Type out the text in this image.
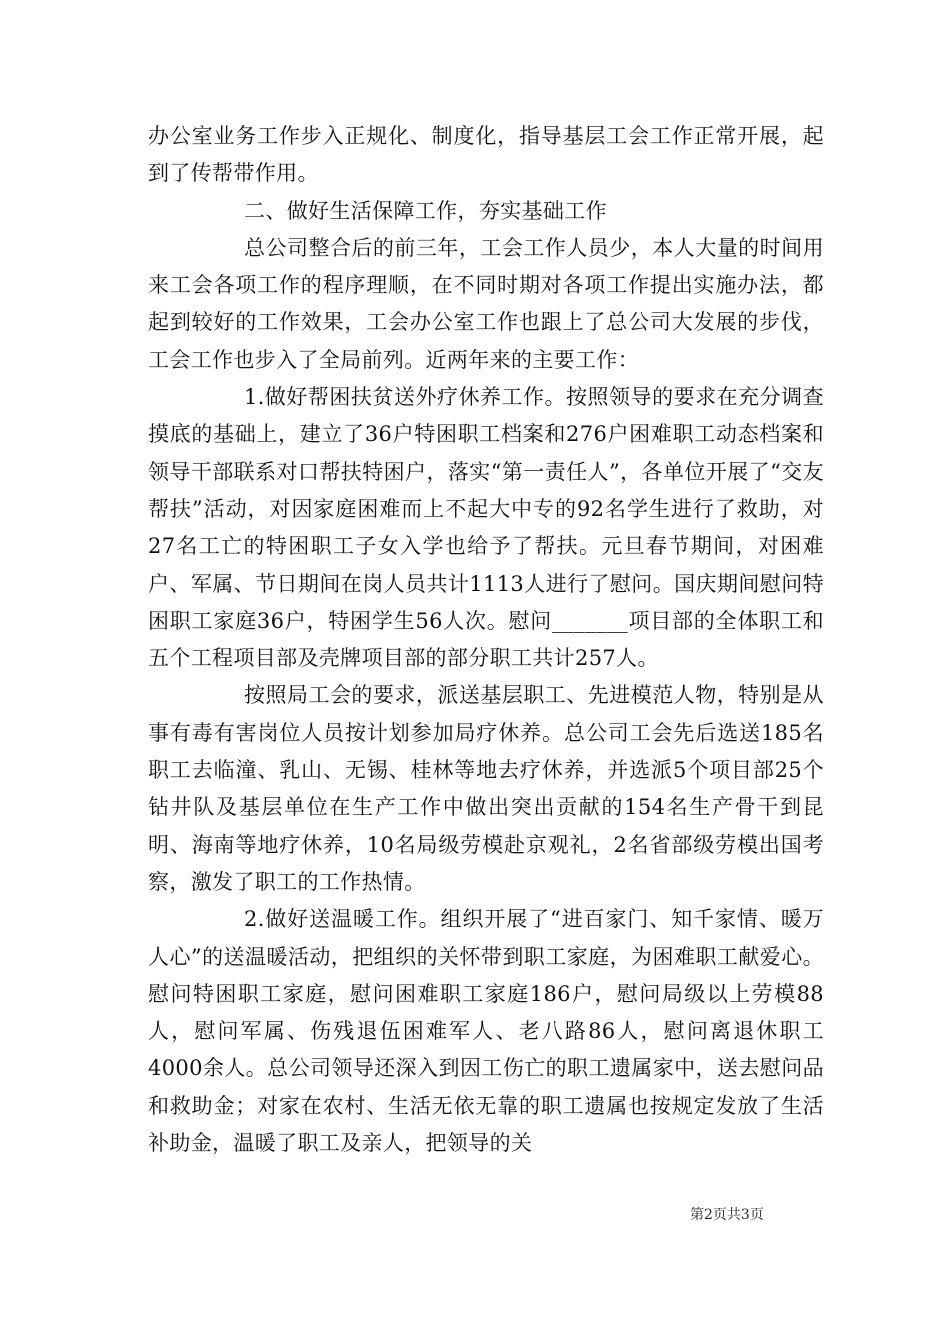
办公室业务工作步入正规化、制度化，指导基层工会工作正常开展，起到了传帮带作用。

二、做好生活保障工作，夯实基础工作

总公司整合后的前三年，工会工作人员少，本人大量的时间用来工会各项工作的程序理顺，在不同时期对各项工作提出实施办法，都起到较好的工作效果，工会办公室工作也跟上了总公司大发展的步伐，工会工作也步入了全局前列。近两年来的主要工作：

1.做好帮困扶贫送外疗休养工作。按照领导的要求在充分调查摸底的基础上，建立了36户特困职工档案和276户困难职工动态档案和领导干部联系对口帮扶特困户，落实“第一责任人”，各单位开展了“交友帮扶”活动，对因家庭困难而上不起大中专的92名学生进行了救助，对27名工亡的特困职工子女入学也给予了帮扶。元旦春节期间，对困难户、军属、节日期间在岗人员共计1113人进行了慰问。国庆期间慰问特困职工家庭36户，特困学生56人次。慰问_______项目部的全体职工和五个工程项目部及壳牌项目部的部分职工共计257人。

按照局工会的要求，派送基层职工、先进模范人物，特别是从事有毒有害岗位人员按计划参加局疗休养。总公司工会先后选送185名职工去临潼、乳山、无锡、桂林等地去疗休养，并选派5个项目部25个钻井队及基层单位在生产工作中做出突出贡献的154名生产骨干到昆明、海南等地疗休养，10名局级劳模赴京观礼，2名省部级劳模出国考察，激发了职工的工作热情。

2.做好送温暖工作。组织开展了“进百家门、知千家情、暖万人心”的送温暖活动，把组织的关怀带到职工家庭，为困难职工献爱心。慰问特困职工家庭，慰问困难职工家庭186户，慰问局级以上劳模88人，慰问军属、伤残退伍困难军人、老八路86人，慰问离退休职工4000余人。总公司领导还深入到因工伤亡的职工遗属家中，送去慰问品和救助金；对家在农村、生活无依无靠的职工遗属也按规定发放了生活补助金，温暖了职工及亲人，把领导的关

第2页共3页
